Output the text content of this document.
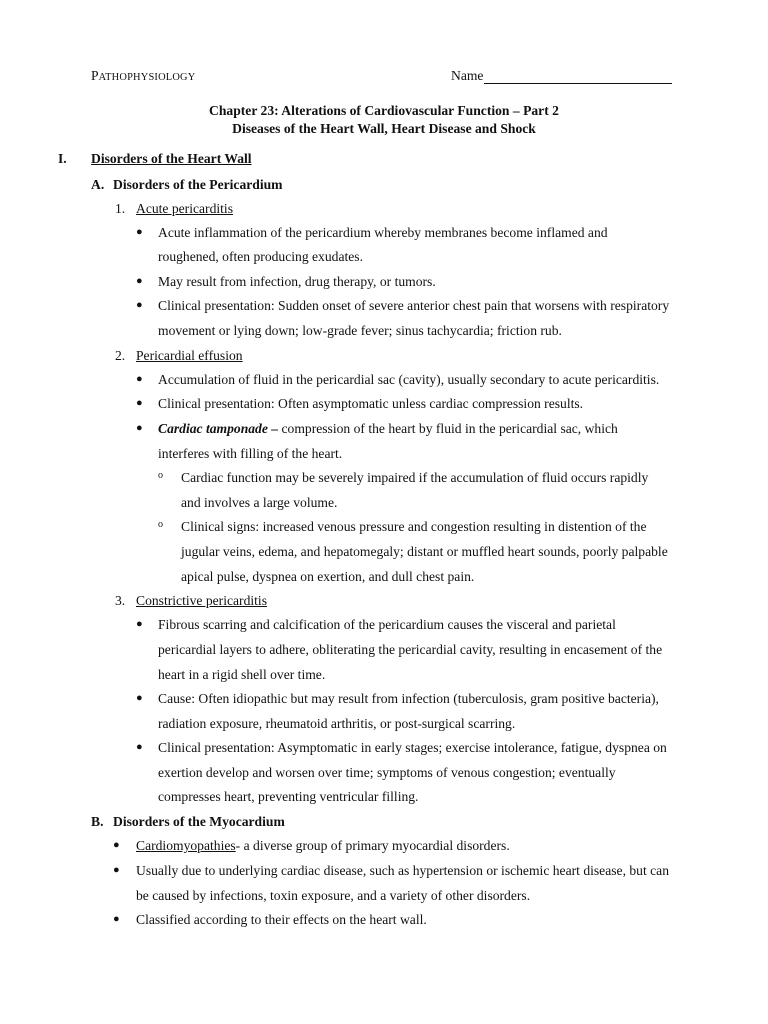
PATHOPHYSIOLOGY	Name
Chapter 23: Alterations of Cardiovascular Function – Part 2
Diseases of the Heart Wall, Heart Disease and Shock
I. Disorders of the Heart Wall
A. Disorders of the Pericardium
1. Acute pericarditis
● Acute inflammation of the pericardium whereby membranes become inflamed and
roughened, often producing exudates.
● May result from infection, drug therapy, or tumors.
● Clinical presentation: Sudden onset of severe anterior chest pain that worsens with respiratory
movement or lying down; low-grade fever; sinus tachycardia; friction rub.
2. Pericardial effusion
● Accumulation of fluid in the pericardial sac (cavity), usually secondary to acute pericarditis.
● Clinical presentation: Often asymptomatic unless cardiac compression results.
● Cardiac tamponade – compression of the heart by fluid in the pericardial sac, which
interferes with filling of the heart.
o Cardiac function may be severely impaired if the accumulation of fluid occurs rapidly
and involves a large volume.
o Clinical signs: increased venous pressure and congestion resulting in distention of the
jugular veins, edema, and hepatomegaly; distant or muffled heart sounds, poorly palpable
apical pulse, dyspnea on exertion, and dull chest pain.
3. Constrictive pericarditis
● Fibrous scarring and calcification of the pericardium causes the visceral and parietal
pericardial layers to adhere, obliterating the pericardial cavity, resulting in encasement of the
heart in a rigid shell over time.
● Cause: Often idiopathic but may result from infection (tuberculosis, gram positive bacteria),
radiation exposure, rheumatoid arthritis, or post-surgical scarring.
● Clinical presentation: Asymptomatic in early stages; exercise intolerance, fatigue, dyspnea on
exertion develop and worsen over time; symptoms of venous congestion; eventually
compresses heart, preventing ventricular filling.
B. Disorders of the Myocardium
● Cardiomyopathies- a diverse group of primary myocardial disorders.
● Usually due to underlying cardiac disease, such as hypertension or ischemic heart disease, but can
be caused by infections, toxin exposure, and a variety of other disorders.
● Classified according to their effects on the heart wall.
